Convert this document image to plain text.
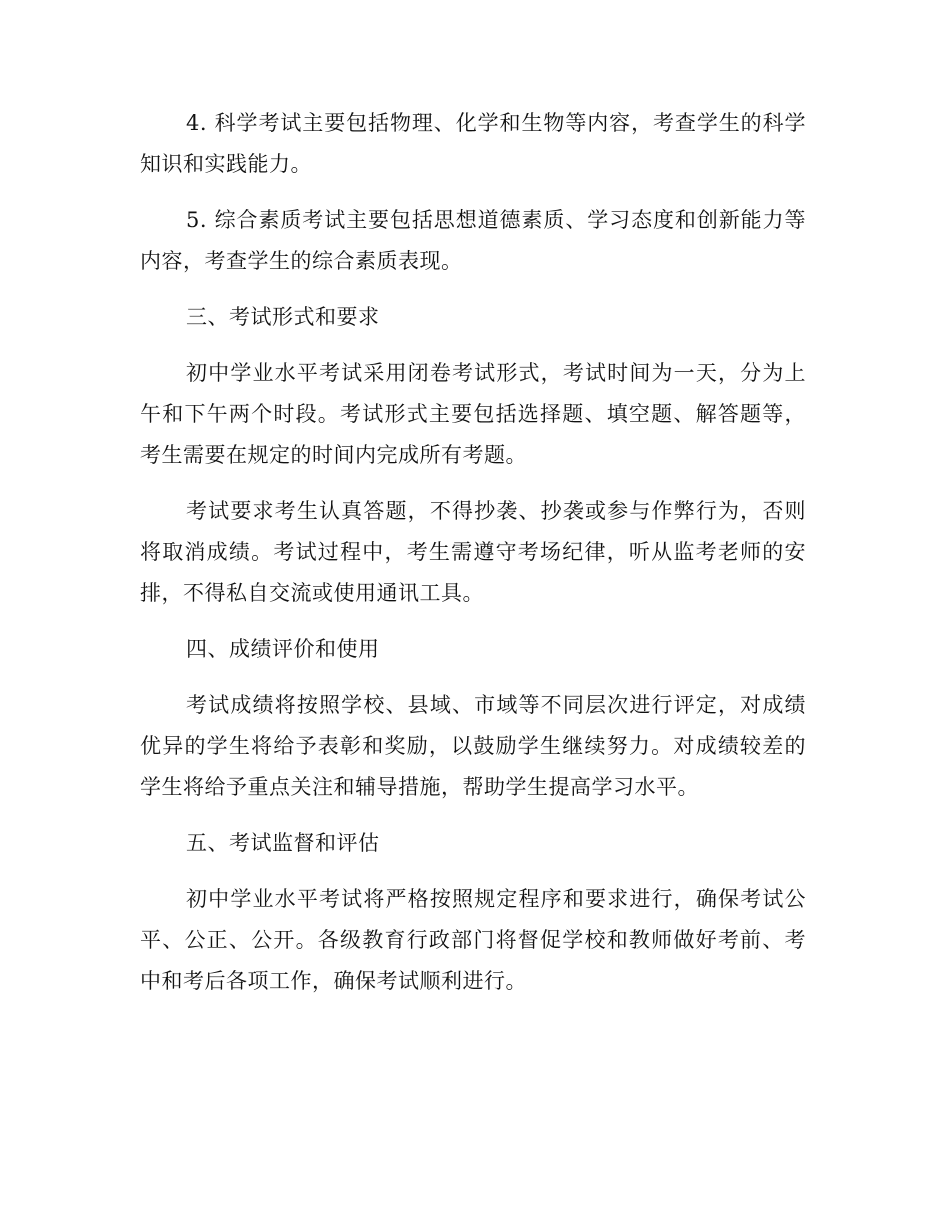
4. 科学考试主要包括物理、化学和生物等内容，考查学生的科学知识和实践能力。

5. 综合素质考试主要包括思想道德素质、学习态度和创新能力等内容，考查学生的综合素质表现。

三、考试形式和要求

初中学业水平考试采用闭卷考试形式，考试时间为一天，分为上午和下午两个时段。考试形式主要包括选择题、填空题、解答题等，考生需要在规定的时间内完成所有考题。

考试要求考生认真答题，不得抄袭、抄袭或参与作弊行为，否则将取消成绩。考试过程中，考生需遵守考场纪律，听从监考老师的安排，不得私自交流或使用通讯工具。

四、成绩评价和使用

考试成绩将按照学校、县域、市域等不同层次进行评定，对成绩优异的学生将给予表彰和奖励，以鼓励学生继续努力。对成绩较差的学生将给予重点关注和辅导措施，帮助学生提高学习水平。

五、考试监督和评估

初中学业水平考试将严格按照规定程序和要求进行，确保考试公平、公正、公开。各级教育行政部门将督促学校和教师做好考前、考中和考后各项工作，确保考试顺利进行。
